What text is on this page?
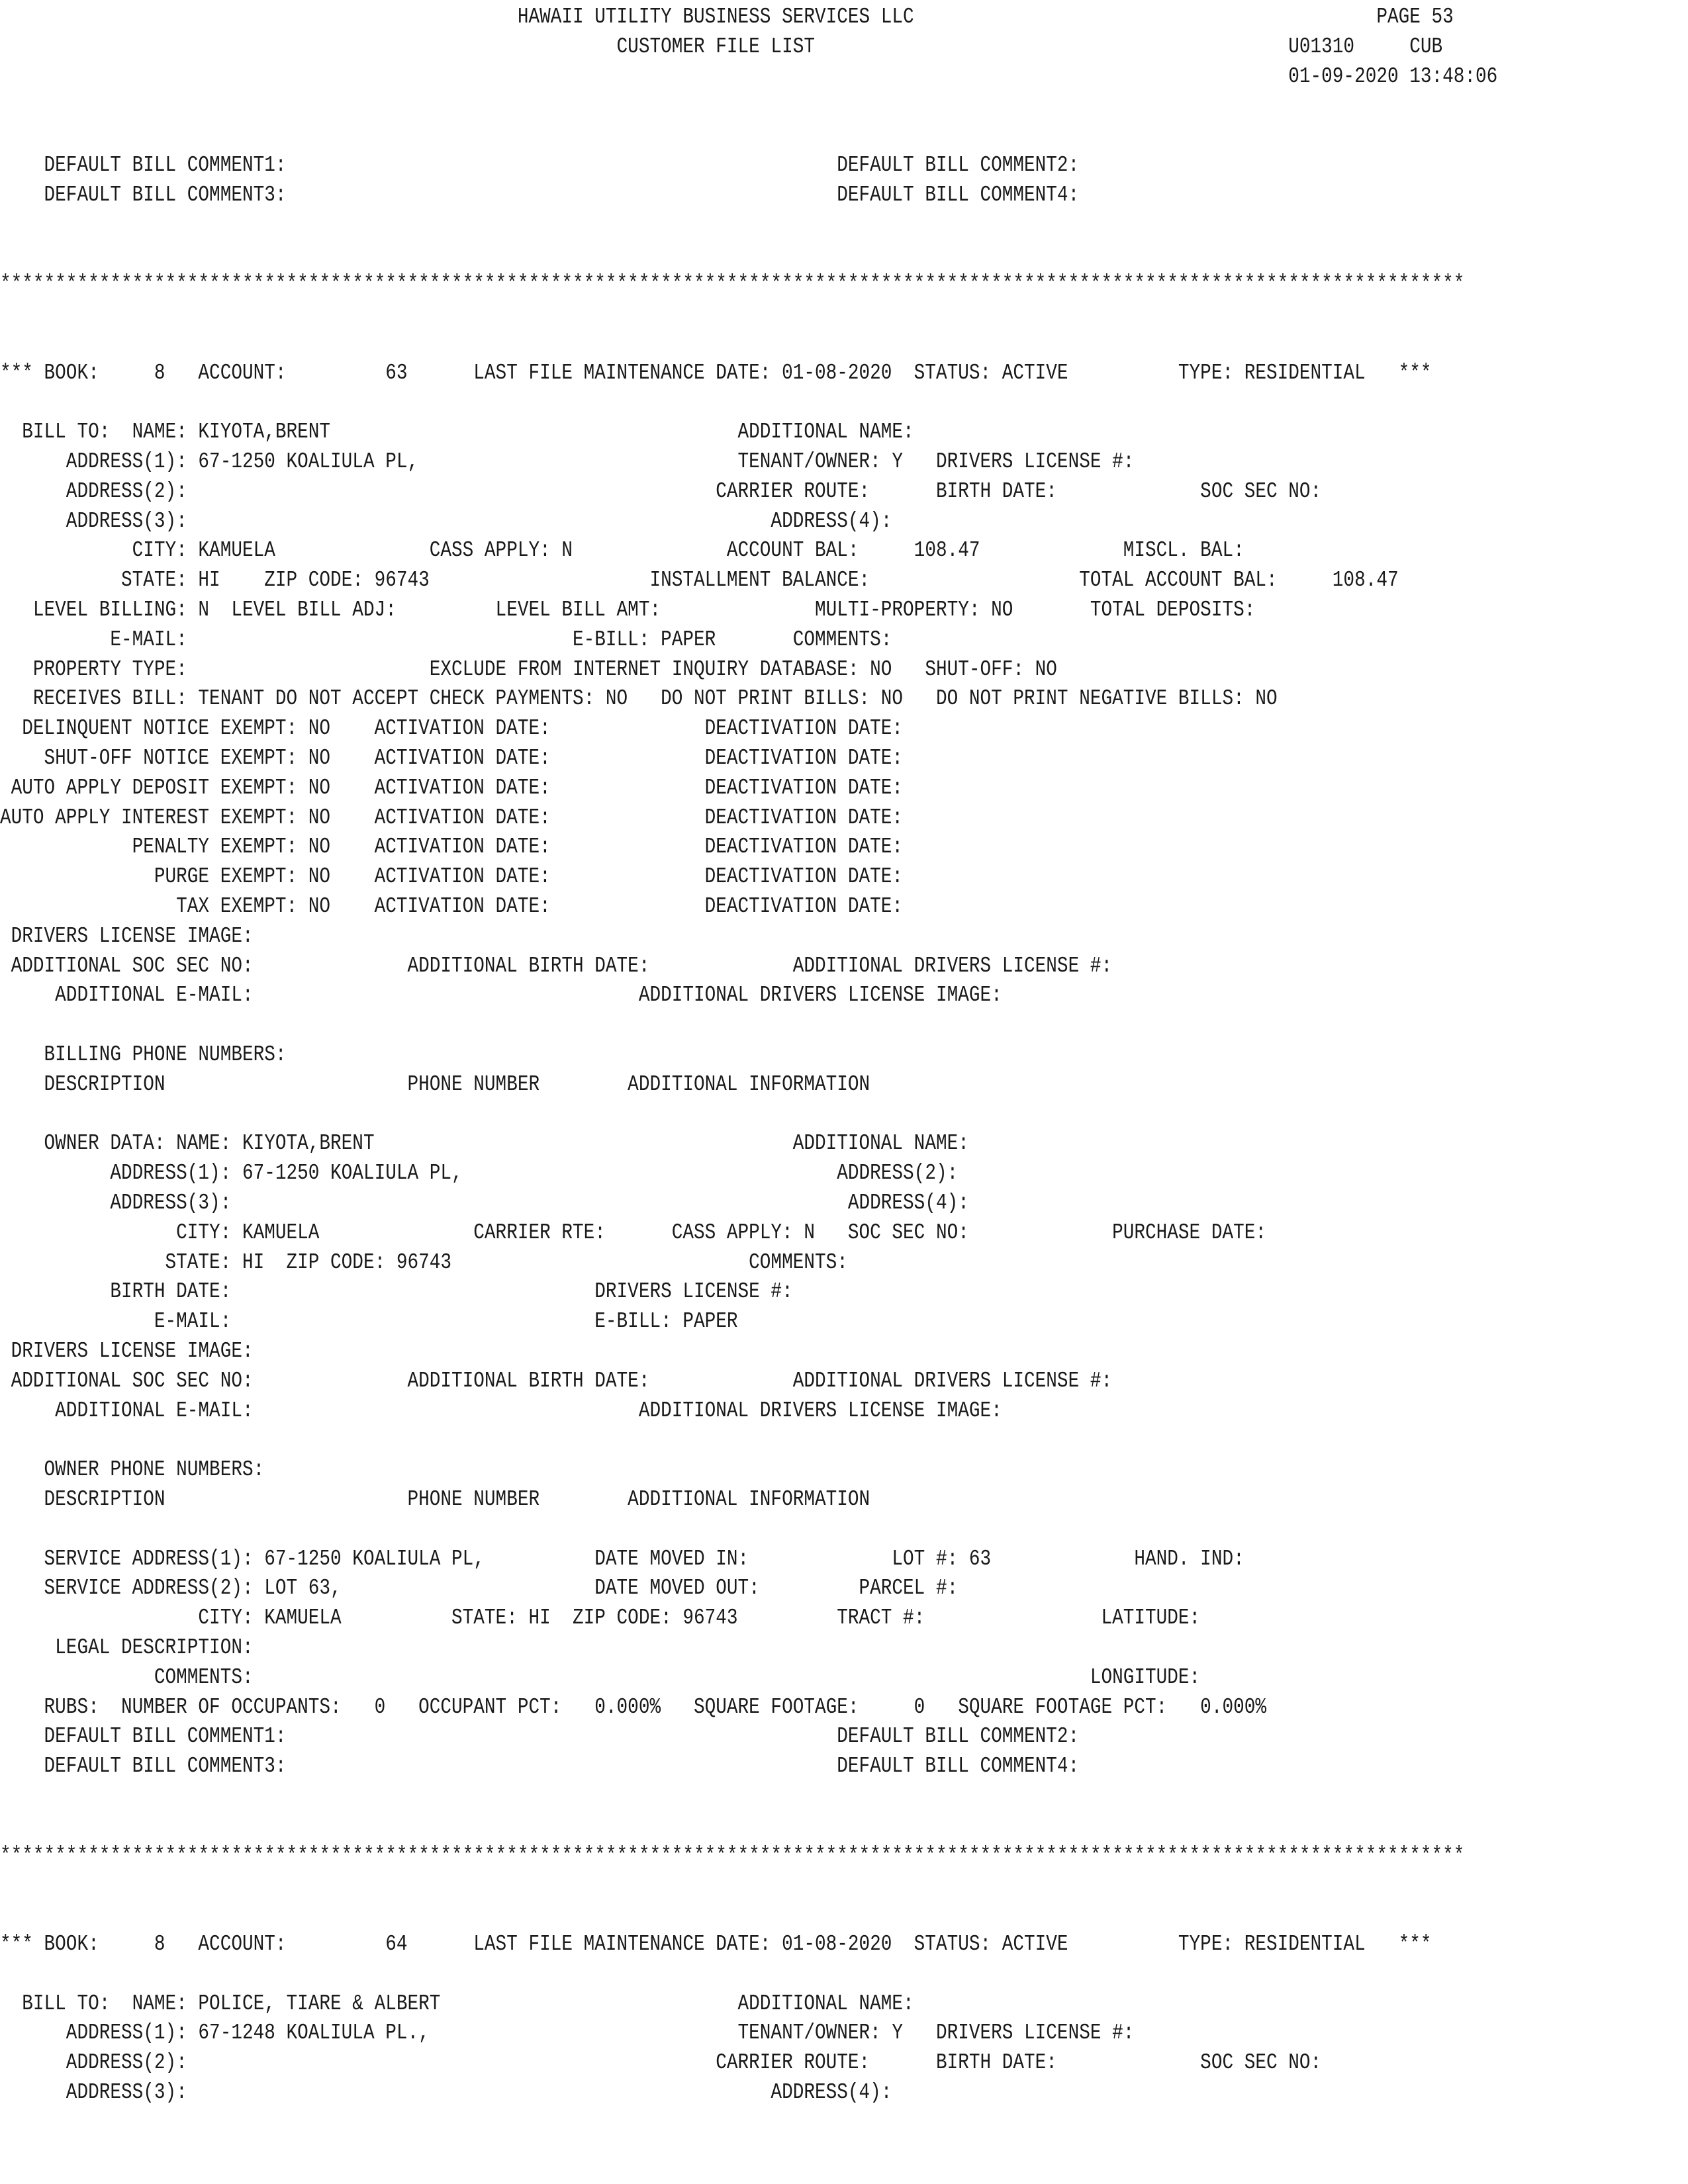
HAWAII UTILITY BUSINESS SERVICES LLC                                          PAGE 53
CUSTOMER FILE LIST                                           U01310     CUB
01-09-2020 13:48:06
DEFAULT BILL COMMENT1:                                                  DEFAULT BILL COMMENT2:
DEFAULT BILL COMMENT3:                                                  DEFAULT BILL COMMENT4:
*************************************************************************************************************************************
*** BOOK:     8   ACCOUNT:         63      LAST FILE MAINTENANCE DATE: 01-08-2020  STATUS: ACTIVE          TYPE: RESIDENTIAL   ***
BILL TO:  NAME: KIYOTA,BRENT                                     ADDITIONAL NAME:
ADDRESS(1): 67-1250 KOALIULA PL,                             TENANT/OWNER: Y   DRIVERS LICENSE #:
ADDRESS(2):                                                CARRIER ROUTE:      BIRTH DATE:             SOC SEC NO:
ADDRESS(3):                                                     ADDRESS(4):
CITY: KAMUELA              CASS APPLY: N              ACCOUNT BAL:     108.47             MISCL. BAL:
STATE: HI    ZIP CODE: 96743                    INSTALLMENT BALANCE:                   TOTAL ACCOUNT BAL:     108.47
LEVEL BILLING: N  LEVEL BILL ADJ:         LEVEL BILL AMT:              MULTI-PROPERTY: NO       TOTAL DEPOSITS:
E-MAIL:                                   E-BILL: PAPER       COMMENTS:
PROPERTY TYPE:                      EXCLUDE FROM INTERNET INQUIRY DATABASE: NO   SHUT-OFF: NO
RECEIVES BILL: TENANT DO NOT ACCEPT CHECK PAYMENTS: NO   DO NOT PRINT BILLS: NO   DO NOT PRINT NEGATIVE BILLS: NO
DELINQUENT NOTICE EXEMPT: NO    ACTIVATION DATE:              DEACTIVATION DATE:
SHUT-OFF NOTICE EXEMPT: NO    ACTIVATION DATE:              DEACTIVATION DATE:
AUTO APPLY DEPOSIT EXEMPT: NO    ACTIVATION DATE:              DEACTIVATION DATE:
AUTO APPLY INTEREST EXEMPT: NO    ACTIVATION DATE:              DEACTIVATION DATE:
PENALTY EXEMPT: NO    ACTIVATION DATE:              DEACTIVATION DATE:
PURGE EXEMPT: NO    ACTIVATION DATE:              DEACTIVATION DATE:
TAX EXEMPT: NO    ACTIVATION DATE:              DEACTIVATION DATE:
DRIVERS LICENSE IMAGE:
ADDITIONAL SOC SEC NO:              ADDITIONAL BIRTH DATE:             ADDITIONAL DRIVERS LICENSE #:
ADDITIONAL E-MAIL:                                   ADDITIONAL DRIVERS LICENSE IMAGE:
BILLING PHONE NUMBERS:
DESCRIPTION                      PHONE NUMBER        ADDITIONAL INFORMATION
OWNER DATA: NAME: KIYOTA,BRENT                                      ADDITIONAL NAME:
ADDRESS(1): 67-1250 KOALIULA PL,                                  ADDRESS(2):
ADDRESS(3):                                                        ADDRESS(4):
CITY: KAMUELA              CARRIER RTE:      CASS APPLY: N   SOC SEC NO:             PURCHASE DATE:
STATE: HI  ZIP CODE: 96743                           COMMENTS:
BIRTH DATE:                                 DRIVERS LICENSE #:
E-MAIL:                                 E-BILL: PAPER
DRIVERS LICENSE IMAGE:
ADDITIONAL SOC SEC NO:              ADDITIONAL BIRTH DATE:             ADDITIONAL DRIVERS LICENSE #:
ADDITIONAL E-MAIL:                                   ADDITIONAL DRIVERS LICENSE IMAGE:
OWNER PHONE NUMBERS:
DESCRIPTION                      PHONE NUMBER        ADDITIONAL INFORMATION
SERVICE ADDRESS(1): 67-1250 KOALIULA PL,          DATE MOVED IN:             LOT #: 63             HAND. IND:
SERVICE ADDRESS(2): LOT 63,                       DATE MOVED OUT:         PARCEL #:
CITY: KAMUELA          STATE: HI  ZIP CODE: 96743         TRACT #:                LATITUDE:
LEGAL DESCRIPTION:
COMMENTS:                                                                            LONGITUDE:
RUBS:  NUMBER OF OCCUPANTS:   0   OCCUPANT PCT:   0.000%   SQUARE FOOTAGE:     0   SQUARE FOOTAGE PCT:   0.000%
DEFAULT BILL COMMENT1:                                                  DEFAULT BILL COMMENT2:
DEFAULT BILL COMMENT3:                                                  DEFAULT BILL COMMENT4:
*************************************************************************************************************************************
*** BOOK:     8   ACCOUNT:         64      LAST FILE MAINTENANCE DATE: 01-08-2020  STATUS: ACTIVE          TYPE: RESIDENTIAL   ***
BILL TO:  NAME: POLICE, TIARE & ALBERT                           ADDITIONAL NAME:
ADDRESS(1): 67-1248 KOALIULA PL.,                            TENANT/OWNER: Y   DRIVERS LICENSE #:
ADDRESS(2):                                                CARRIER ROUTE:      BIRTH DATE:             SOC SEC NO:
ADDRESS(3):                                                     ADDRESS(4):
